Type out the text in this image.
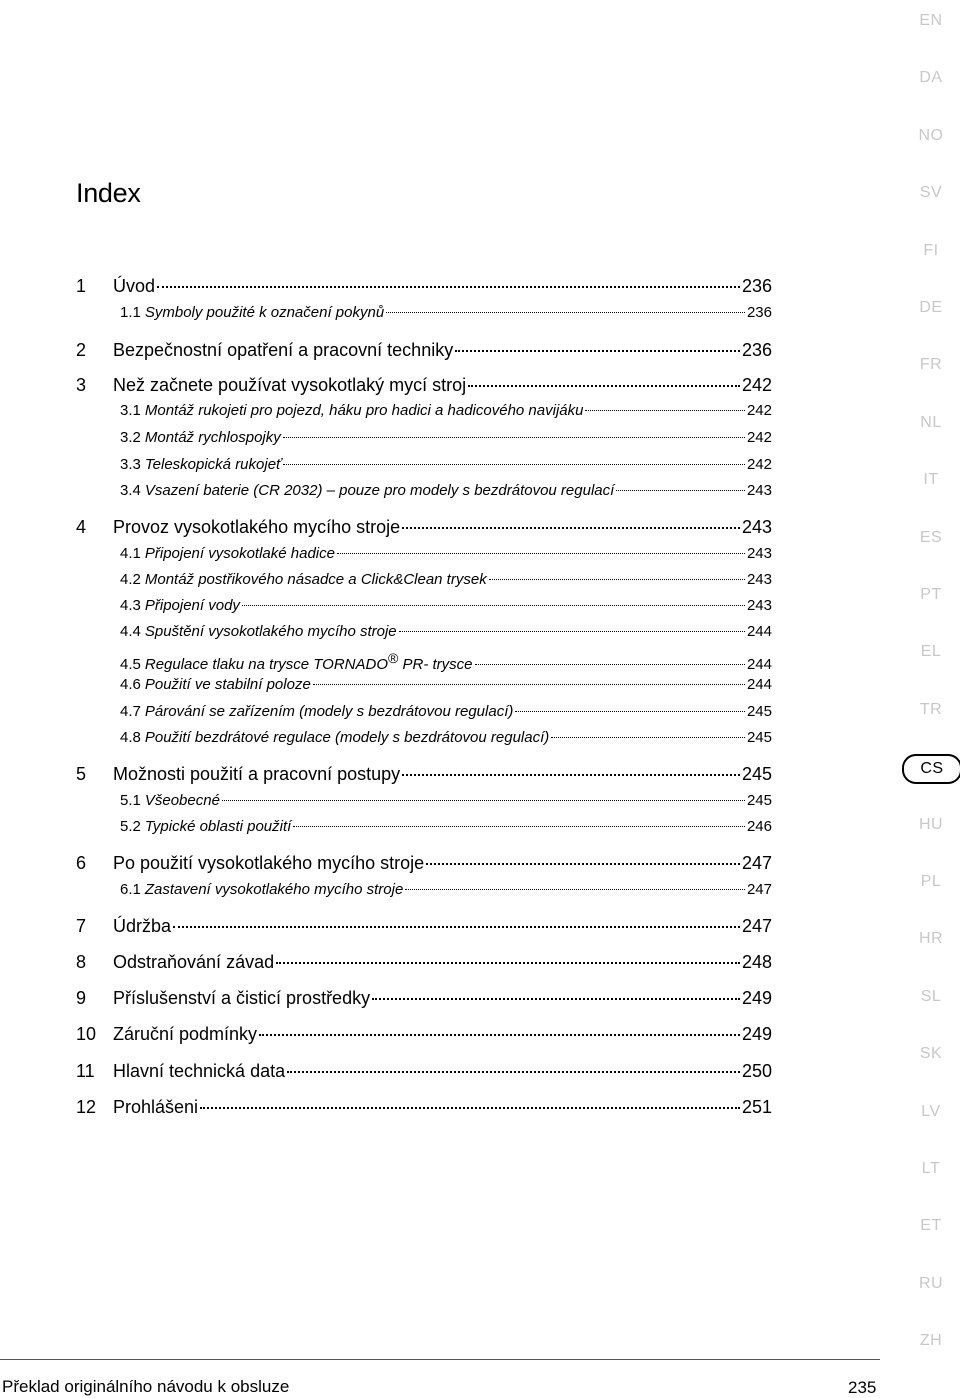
Index
1	Úvod	236
1.1 Symboly použité k označení pokynů	236
2	Bezpečnostní opatření a pracovní techniky	236
3	Než začnete používat vysokotlaký mycí stroj	242
3.1 Montáž rukojeti pro pojezd, háku pro hadici a hadicového navijáku	242
3.2 Montáž rychlospojky	242
3.3 Teleskopická rukojeť	242
3.4 Vsazení baterie (CR 2032) – pouze pro modely s bezdrátovou regulací	243
4	Provoz vysokotlakého mycího stroje	243
4.1 Připojení vysokotlaké hadice	243
4.2 Montáž postřikového násadce a Click&Clean trysek	243
4.3 Připojení vody	243
4.4 Spuštění vysokotlakého mycího stroje	244
4.5 Regulace tlaku na trysce TORNADO® PR- trysce	244
4.6 Použití ve stabilní poloze	244
4.7 Párování se zařízením (modely s bezdrátovou regulací)	245
4.8 Použití bezdrátové regulace (modely s bezdrátovou regulací)	245
5	Možnosti použití a pracovní postupy	245
5.1 Všeobecné	245
5.2 Typické oblasti použití	246
6	Po použití vysokotlakého mycího stroje	247
6.1 Zastavení vysokotlakého mycího stroje	247
7	Údržba	247
8	Odstraňování závad	248
9	Příslušenství a čisticí prostředky	249
10 Záruční podmínky	249
11	Hlavní technická data	250
12 Prohlášeni	251
EN
DA
NO
SV
FI
DE
FR
NL
IT
ES
PT
EL
TR
CS
HU
PL
HR
SL
SK
LV
LT
ET
RU
ZH
Překlad originálního návodu k obsluze	235
